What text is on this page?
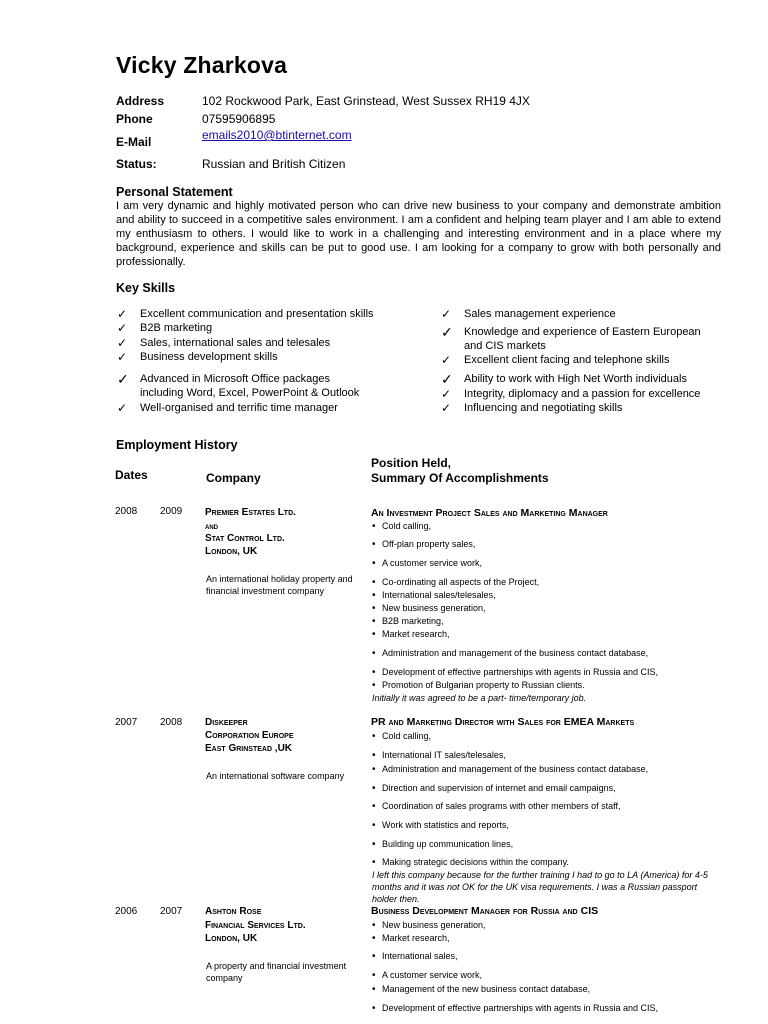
Vicky Zharkova
Address	102 Rockwood Park, East Grinstead, West Sussex RH19 4JX
Phone	07595906895
E-Mail	emails2010@btinternet.com
Status:	Russian and British Citizen
Personal Statement
I am very dynamic and highly motivated person who can drive new business to your company and demonstrate ambition and ability to succeed in a competitive sales environment. I am a confident and helping team player and I am able to extend my enthusiasm to others. I would like to work in a challenging and interesting environment and in a place where my background, experience and skills can be put to good use. I am looking for a company to grow with both personally and professionally.
Key Skills
✓ Excellent communication and presentation skills
✓ B2B marketing
✓ Sales, international sales and telesales
✓ Business development skills
✓ Advanced in Microsoft Office packages
including Word, Excel, PowerPoint & Outlook
✓ Well-organised and terrific time manager
✓ Sales management experience
✓ Knowledge and experience of Eastern European
and CIS markets
✓ Excellent client facing and telephone skills
✓ Ability to work with High Net Worth individuals
✓ Integrity, diplomacy and a passion for excellence
✓ Influencing and negotiating skills
Employment History
Dates	Company
Position Held,
Summary Of Accomplishments
2008 2009 Premier Estates Ltd.
and
Stat Control Ltd.
London, UK
An international holiday property and financial investment company
An Investment Project Sales and Marketing Manager
• Cold calling,
• Off-plan property sales,
• A customer service work,
• Co-ordinating all aspects of the Project,
• International sales/telesales,
• New business generation,
• B2B marketing,
• Market research,
• Administration and management of the business contact database,
• Development of effective partnerships with agents in Russia and CIS,
• Promotion of Bulgarian property to Russian clients.
Initially it was agreed to be a part- time/temporary job.
2007 2008 Diskeeper
Corporation Europe
East Grinstead ,UK
An international software company
PR and Marketing Director with Sales for EMEA Markets
• Cold calling,
• International IT sales/telesales,
• Administration and management of the business contact database,
• Direction and supervision of internet and email campaigns,
• Coordination of sales programs with other members of staff,
• Work with statistics and reports,
• Building up communication lines,
• Making strategic decisions within the company.
I left this company because for the further training I had to go to LA (America) for 4-5 months and it was not OK for the UK visa requirements. I was a Russian passport holder then.
2006 2007 Ashton Rose
Financial Services Ltd.
London, UK
A property and financial investment company
Business Development Manager for Russia and CIS
• New business generation,
• Market research,
• International sales,
• A customer service work,
• Management of the new business contact database,
• Development of effective partnerships with agents in Russia and CIS,
